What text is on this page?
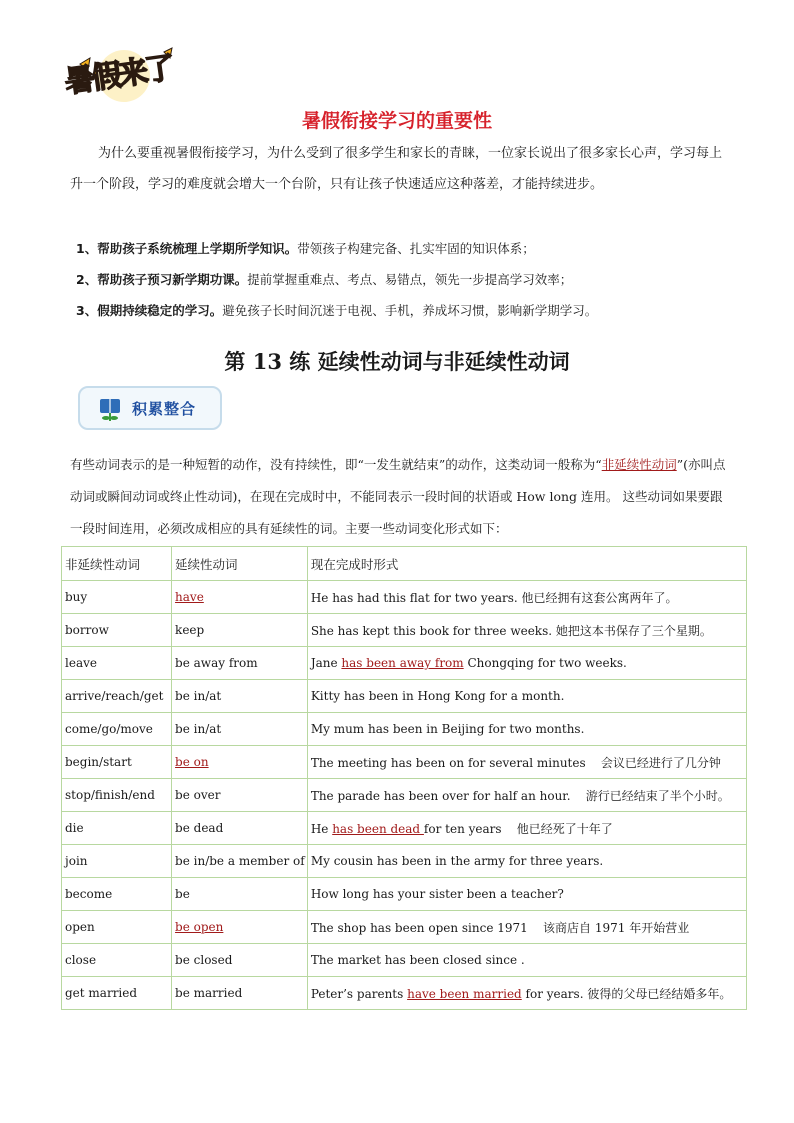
暑假来了
暑假衔接学习的重要性

为什么要重视暑假衔接学习，为什么受到了很多学生和家长的青睐，一位家长说出了很多家长心声，学习每上升一个阶段，学习的难度就会增大一个台阶，只有让孩子快速适应这种落差，才能持续进步。

1、帮助孩子系统梳理上学期所学知识。带领孩子构建完备、扎实牢固的知识体系；
2、帮助孩子预习新学期功课。提前掌握重难点、考点、易错点，领先一步提高学习效率；
3、假期持续稳定的学习。避免孩子长时间沉迷于电视、手机，养成坏习惯，影响新学期学习。
第 13 练 延续性动词与非延续性动词
积累整合

有些动词表示的是一种短暂的动作，没有持续性，即“一发生就结束”的动作，这类动词一般称为“非延续性动词”(亦叫点动词或瞬间动词或终止性动词)，在现在完成时中，不能同表示一段时间的状语或 How long 连用。 这些动词如果要跟一段时间连用，必须改成相应的具有延续性的词。主要一些动词变化形式如下：

非延续性动词	延续性动词	现在完成时形式
buy	have	He has had this flat for two years. 他已经拥有这套公寓两年了。
borrow	keep	She has kept this book for three weeks. 她把这本书保存了三个星期。
leave	be away from	Jane has been away from Chongqing for two weeks.
arrive/reach/get	be in/at	Kitty has been in Hong Kong for a month.
come/go/move	be in/at	My mum has been in Beijing for two months.
begin/start	be on	The meeting has been on for several minutes    会议已经进行了几分钟
stop/finish/end	be over	The parade has been over for half an hour.    游行已经结束了半个小时。
die	be dead	He has been dead for ten years    他已经死了十年了
join	be in/be a member of	My cousin has been in the army for three years.
become	be	How long has your sister been a teacher?
open	be open	The shop has been open since 1971    该商店自 1971 年开始营业
close	be closed	The market has been closed since .
get married	be married	Peter’s parents have been married for years. 彼得的父母已经结婚多年。
